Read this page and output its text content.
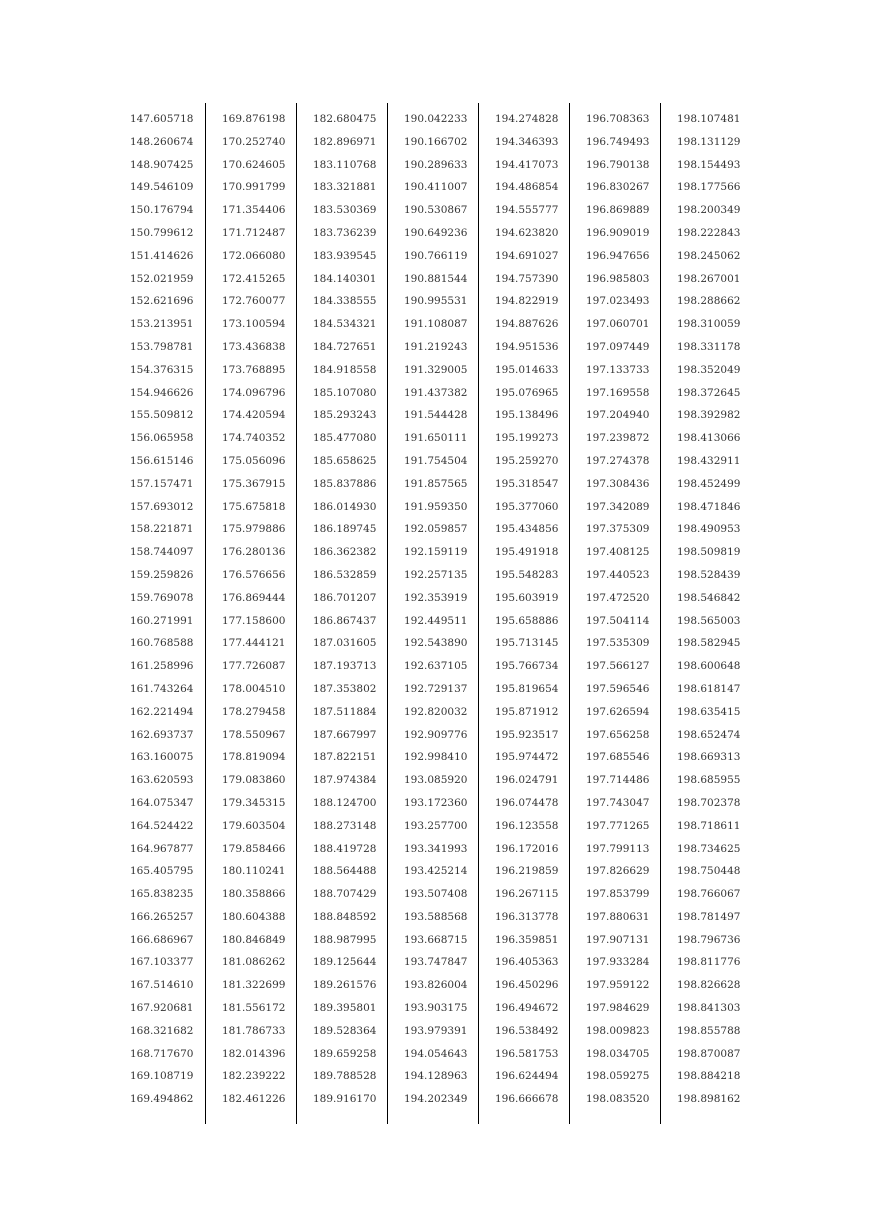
147.605718
148.260674
148.907425
149.546109
150.176794
150.799612
151.414626
152.021959
152.621696
153.213951
153.798781
154.376315
154.946626
155.509812
156.065958
156.615146
157.157471
157.693012
158.221871
158.744097
159.259826
159.769078
160.271991
160.768588
161.258996
161.743264
162.221494
162.693737
163.160075
163.620593
164.075347
164.524422
164.967877
165.405795
165.838235
166.265257
166.686967
167.103377
167.514610
167.920681
168.321682
168.717670
169.108719
169.494862
169.876198
170.252740
170.624605
170.991799
171.354406
171.712487
172.066080
172.415265
172.760077
173.100594
173.436838
173.768895
174.096796
174.420594
174.740352
175.056096
175.367915
175.675818
175.979886
176.280136
176.576656
176.869444
177.158600
177.444121
177.726087
178.004510
178.279458
178.550967
178.819094
179.083860
179.345315
179.603504
179.858466
180.110241
180.358866
180.604388
180.846849
181.086262
181.322699
181.556172
181.786733
182.014396
182.239222
182.461226
182.680475
182.896971
183.110768
183.321881
183.530369
183.736239
183.939545
184.140301
184.338555
184.534321
184.727651
184.918558
185.107080
185.293243
185.477080
185.658625
185.837886
186.014930
186.189745
186.362382
186.532859
186.701207
186.867437
187.031605
187.193713
187.353802
187.511884
187.667997
187.822151
187.974384
188.124700
188.273148
188.419728
188.564488
188.707429
188.848592
188.987995
189.125644
189.261576
189.395801
189.528364
189.659258
189.788528
189.916170
190.042233
190.166702
190.289633
190.411007
190.530867
190.649236
190.766119
190.881544
190.995531
191.108087
191.219243
191.329005
191.437382
191.544428
191.650111
191.754504
191.857565
191.959350
192.059857
192.159119
192.257135
192.353919
192.449511
192.543890
192.637105
192.729137
192.820032
192.909776
192.998410
193.085920
193.172360
193.257700
193.341993
193.425214
193.507408
193.588568
193.668715
193.747847
193.826004
193.903175
193.979391
194.054643
194.128963
194.202349
194.274828
194.346393
194.417073
194.486854
194.555777
194.623820
194.691027
194.757390
194.822919
194.887626
194.951536
195.014633
195.076965
195.138496
195.199273
195.259270
195.318547
195.377060
195.434856
195.491918
195.548283
195.603919
195.658886
195.713145
195.766734
195.819654
195.871912
195.923517
195.974472
196.024791
196.074478
196.123558
196.172016
196.219859
196.267115
196.313778
196.359851
196.405363
196.450296
196.494672
196.538492
196.581753
196.624494
196.666678
196.708363
196.749493
196.790138
196.830267
196.869889
196.909019
196.947656
196.985803
197.023493
197.060701
197.097449
197.133733
197.169558
197.204940
197.239872
197.274378
197.308436
197.342089
197.375309
197.408125
197.440523
197.472520
197.504114
197.535309
197.566127
197.596546
197.626594
197.656258
197.685546
197.714486
197.743047
197.771265
197.799113
197.826629
197.853799
197.880631
197.907131
197.933284
197.959122
197.984629
198.009823
198.034705
198.059275
198.083520
198.107481
198.131129
198.154493
198.177566
198.200349
198.222843
198.245062
198.267001
198.288662
198.310059
198.331178
198.352049
198.372645
198.392982
198.413066
198.432911
198.452499
198.471846
198.490953
198.509819
198.528439
198.546842
198.565003
198.582945
198.600648
198.618147
198.635415
198.652474
198.669313
198.685955
198.702378
198.718611
198.734625
198.750448
198.766067
198.781497
198.796736
198.811776
198.826628
198.841303
198.855788
198.870087
198.884218
198.898162
